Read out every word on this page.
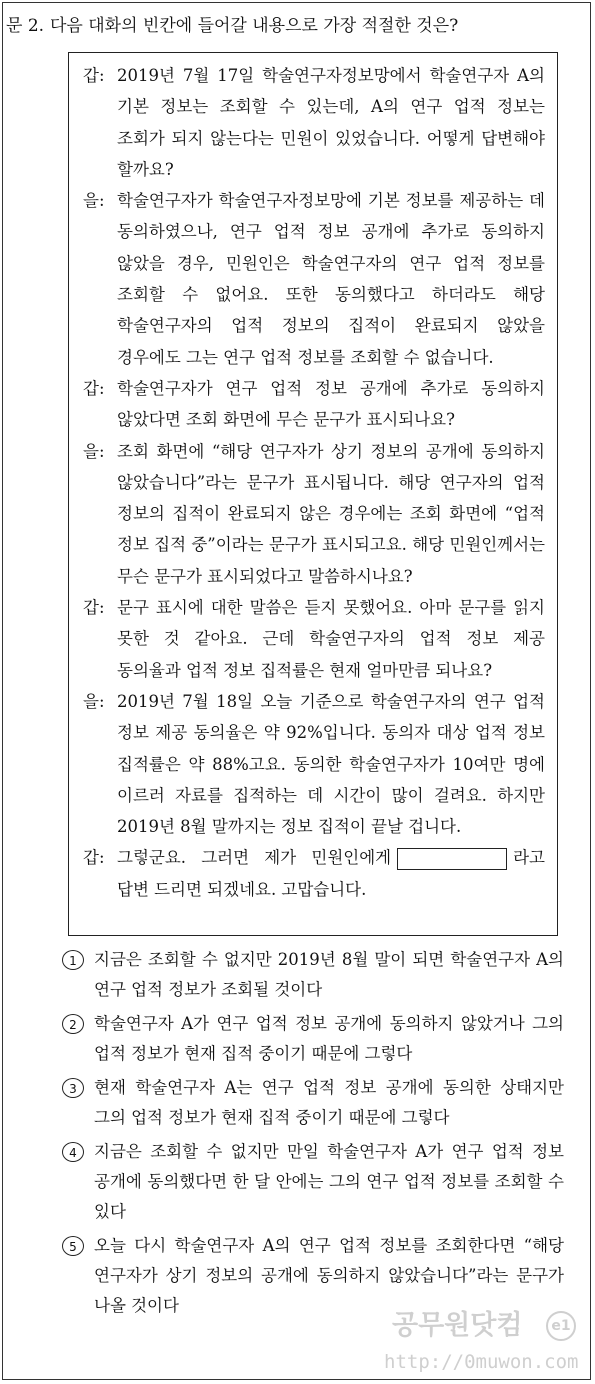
문 2. 다음 대화의 빈칸에 들어갈 내용으로 가장 적절한 것은?
갑: 2019년 7월 17일 학술연구자정보망에서 학술연구자 A의 기본 정보는 조회할 수 있는데, A의 연구 업적 정보는 조회가 되지 않는다는 민원이 있었습니다. 어떻게 답변해야 할까요?
을: 학술연구자가 학술연구자정보망에 기본 정보를 제공하는 데 동의하였으나, 연구 업적 정보 공개에 추가로 동의하지 않았을 경우, 민원인은 학술연구자의 연구 업적 정보를 조회할 수 없어요. 또한 동의했다고 하더라도 해당 학술연구자의 업적 정보의 집적이 완료되지 않았을 경우에도 그는 연구 업적 정보를 조회할 수 없습니다.
갑: 학술연구자가 연구 업적 정보 공개에 추가로 동의하지 않았다면 조회 화면에 무슨 문구가 표시되나요?
을: 조회 화면에 “해당 연구자가 상기 정보의 공개에 동의하지 않았습니다”라는 문구가 표시됩니다. 해당 연구자의 업적 정보의 집적이 완료되지 않은 경우에는 조회 화면에 “업적 정보 집적 중”이라는 문구가 표시되고요. 해당 민원인께서는 무슨 문구가 표시되었다고 말씀하시나요?
갑: 문구 표시에 대한 말씀은 듣지 못했어요. 아마 문구를 읽지 못한 것 같아요. 근데 학술연구자의 업적 정보 제공 동의율과 업적 정보 집적률은 현재 얼마만큼 되나요?
을: 2019년 7월 18일 오늘 기준으로 학술연구자의 연구 업적 정보 제공 동의율은 약 92%입니다. 동의자 대상 업적 정보 집적률은 약 88%고요. 동의한 학술연구자가 10여만 명에 이르러 자료를 집적하는 데 시간이 많이 걸려요. 하지만 2019년 8월 말까지는 정보 집적이 끝날 겁니다.
갑: 그렇군요. 그러면 제가 민원인에게	라고 답변 드리면 되겠네요. 고맙습니다.
1	지금은 조회할 수 없지만 2019년 8월 말이 되면 학술연구자 A의 연구 업적 정보가 조회될 것이다
2	학술연구자 A가 연구 업적 정보 공개에 동의하지 않았거나 그의 업적 정보가 현재 집적 중이기 때문에 그렇다
3	현재 학술연구자 A는 연구 업적 정보 공개에 동의한 상태지만 그의 업적 정보가 현재 집적 중이기 때문에 그렇다
4	지금은 조회할 수 없지만 만일 학술연구자 A가 연구 업적 정보 공개에 동의했다면 한 달 안에는 그의 연구 업적 정보를 조회할 수 있다
5	오늘 다시 학술연구자 A의 연구 업적 정보를 조회한다면 “해당 연구자가 상기 정보의 공개에 동의하지 않았습니다”라는 문구가 나올 것이다
공무원닷컴	e1
http://0muwon.com
